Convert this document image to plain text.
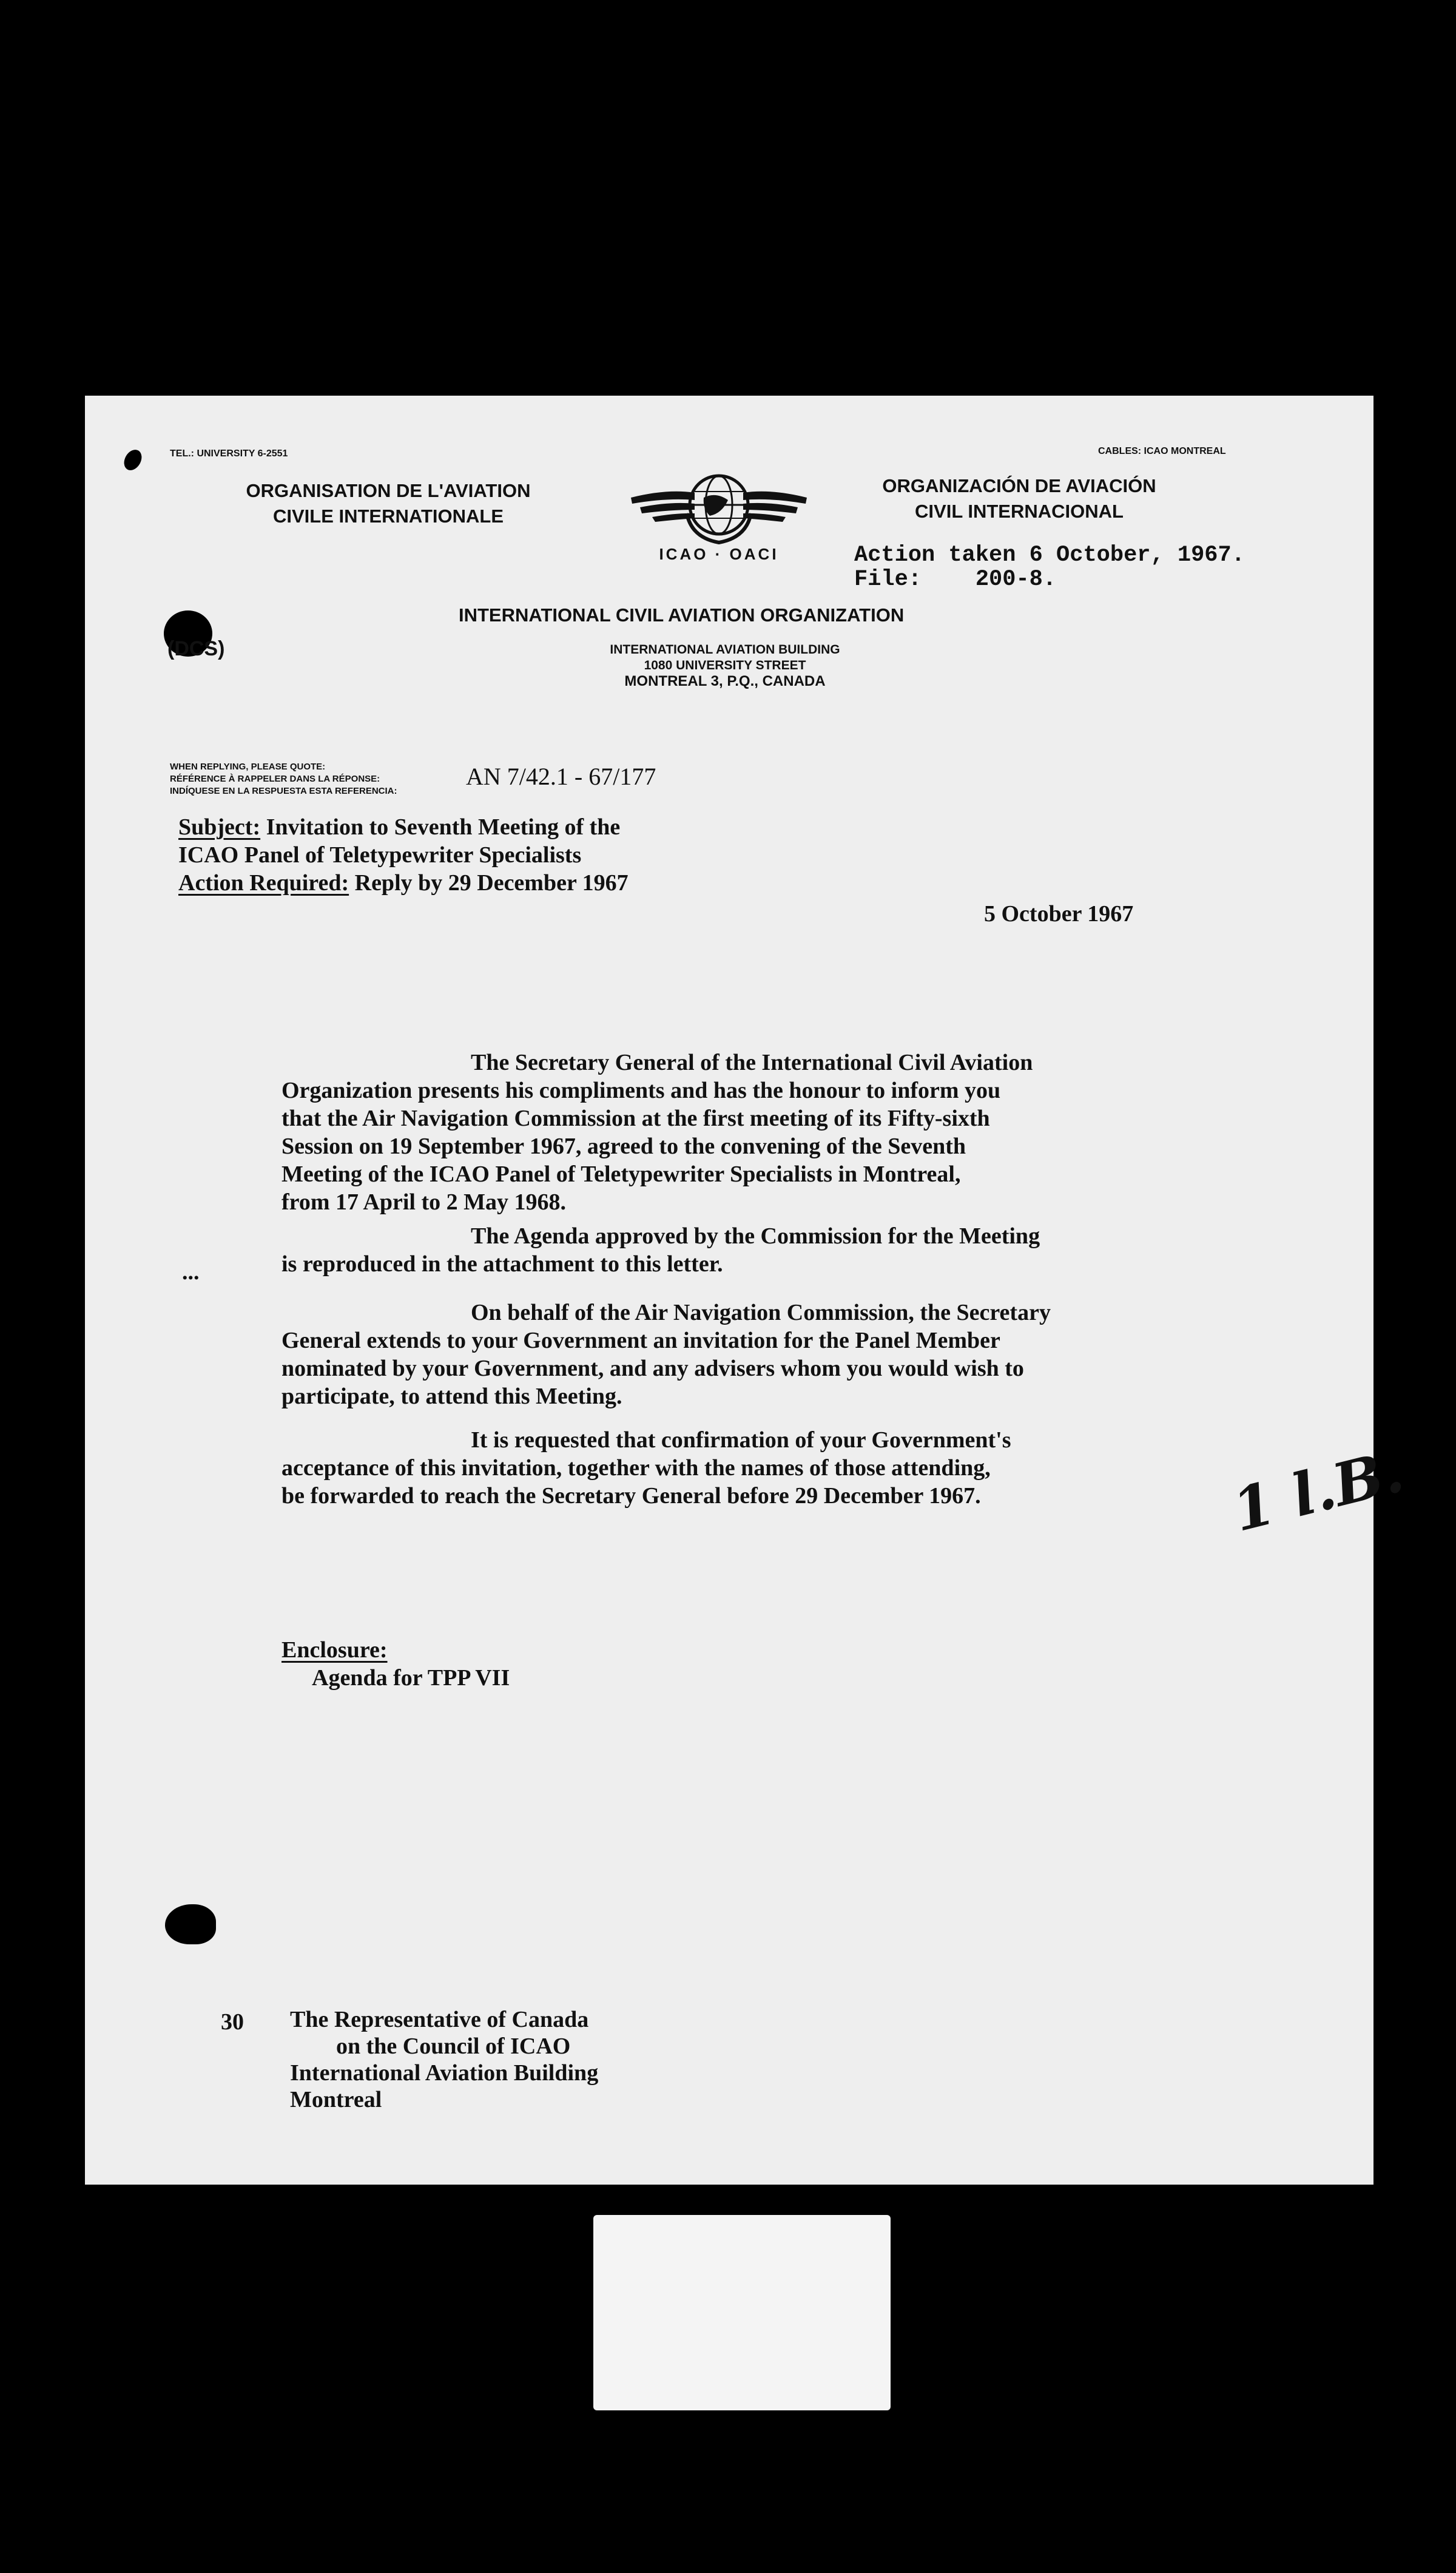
TEL.: UNIVERSITY 6-2551	CABLES: ICAO MONTREAL
ORGANISATION DE L'AVIATION
CIVILE INTERNATIONALE
ICAO · OACI
ORGANIZACIÓN DE AVIACIÓN
CIVIL INTERNACIONAL
Action taken 6 October, 1967.
File:    200-8.
INTERNATIONAL CIVIL AVIATION ORGANIZATION
(DCS)	INTERNATIONAL AVIATION BUILDING
1080 UNIVERSITY STREET
MONTREAL 3, P.Q., CANADA
WHEN REPLYING, PLEASE QUOTE:
RÉFÉRENCE À RAPPELER DANS LA RÉPONSE:
INDÍQUESE EN LA RESPUESTA ESTA REFERENCIA:
AN 7/42.1 - 67/177
Subject: Invitation to Seventh Meeting of the
ICAO Panel of Teletypewriter Specialists
Action Required: Reply by 29 December 1967
5 October 1967

The Secretary General of the International Civil Aviation

Organization presents his compliments and has the honour to inform you

that the Air Navigation Commission at the first meeting of its Fifty-sixth

Session on 19 September 1967, agreed to the convening of the Seventh

Meeting of the ICAO Panel of Teletypewriter Specialists in Montreal,

from 17 April to 2 May 1968.

...

The Agenda approved by the Commission for the Meeting

is reproduced in the attachment to this letter.

On behalf of the Air Navigation Commission, the Secretary

General extends to your Government an invitation for the Panel Member

nominated by your Government, and any advisers whom you would wish to

participate, to attend this Meeting.

It is requested that confirmation of your Government's

acceptance of this invitation, together with the names of those attending,

be forwarded to reach the Secretary General before 29 December 1967.	1 l.B.
Enclosure:
Agenda for TPP VII
30 The Representative of Canada
on the Council of ICAO
International Aviation Building
Montreal
